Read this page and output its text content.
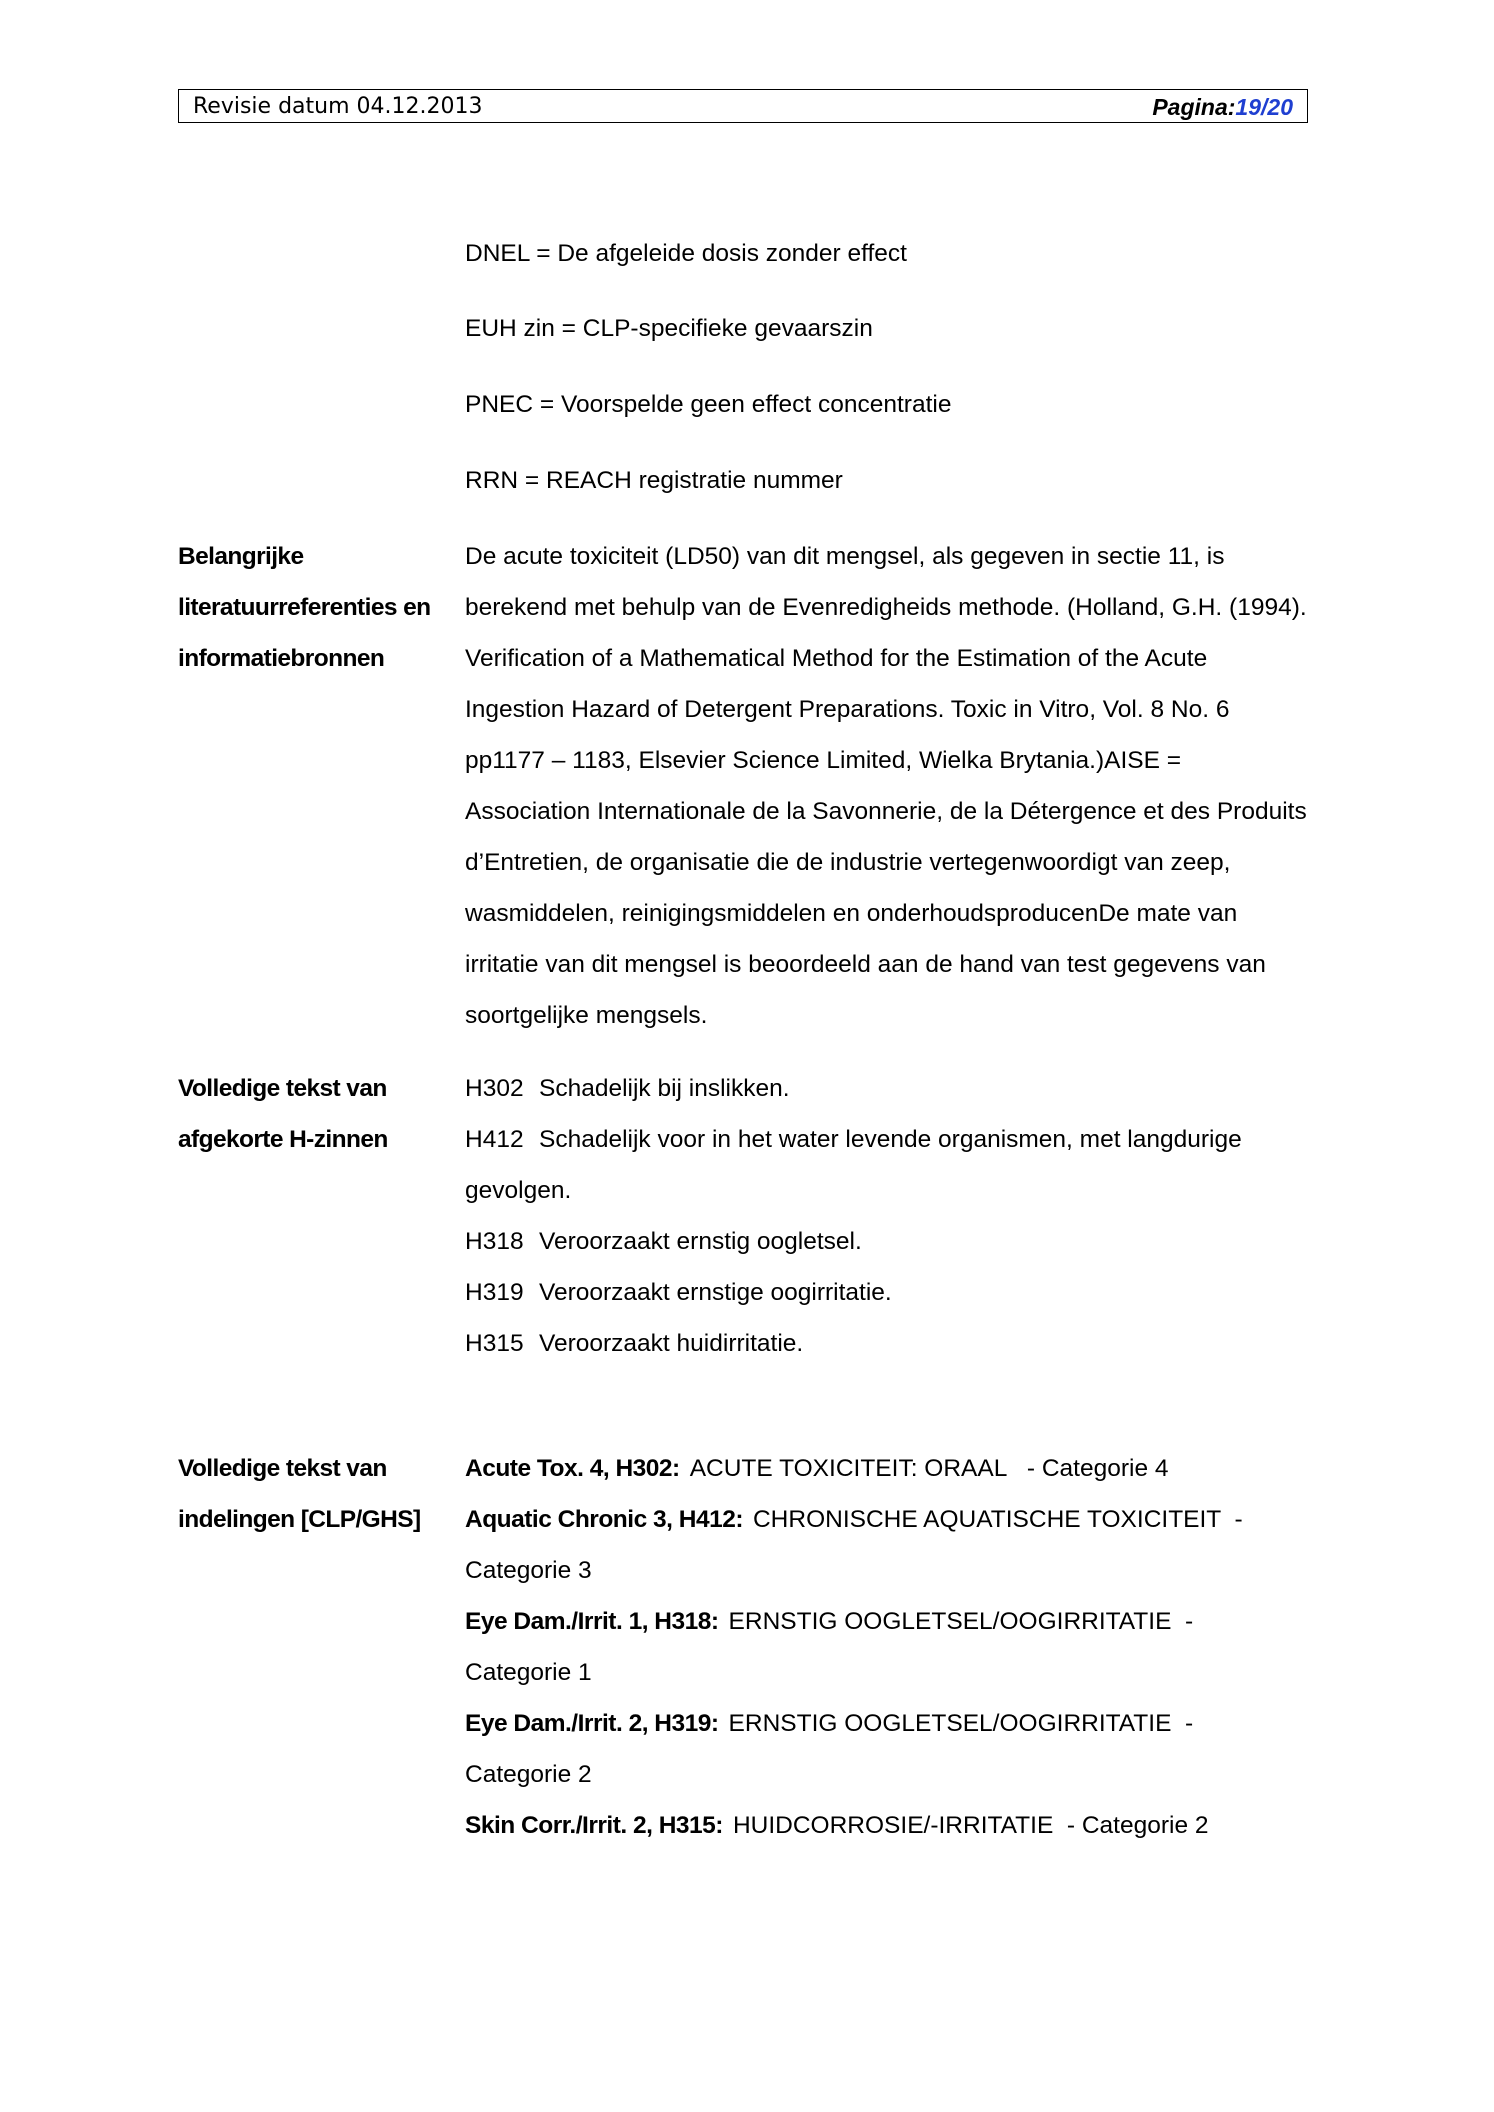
Revisie datum 04.12.2013	Pagina:19/20
DNEL = De afgeleide dosis zonder effect
EUH zin = CLP-specifieke gevaarszin
PNEC = Voorspelde geen effect concentratie
RRN = REACH registratie nummer
Belangrijke
literatuurreferenties en
informatiebronnen
De acute toxiciteit (LD50) van dit mengsel, als gegeven in sectie 11, is
berekend met behulp van de Evenredigheids methode. (Holland, G.H. (1994).
Verification of a Mathematical Method for the Estimation of the Acute
Ingestion Hazard of Detergent Preparations. Toxic in Vitro, Vol. 8 No. 6
pp1177 – 1183, Elsevier Science Limited, Wielka Brytania.)AISE =
Association Internationale de la Savonnerie, de la Détergence et des Produits
d’Entretien, de organisatie die de industrie vertegenwoordigt van zeep,
wasmiddelen, reinigingsmiddelen en onderhoudsproducenDe mate van
irritatie van dit mengsel is beoordeeld aan de hand van test gegevens van
soortgelijke mengsels.
Volledige tekst van
afgekorte H-zinnen
H302 Schadelijk bij inslikken.
H412 Schadelijk voor in het water levende organismen, met langdurige
gevolgen.
H318 Veroorzaakt ernstig oogletsel.
H319 Veroorzaakt ernstige oogirritatie.
H315 Veroorzaakt huidirritatie.
Volledige tekst van
indelingen [CLP/GHS]
Acute Tox. 4, H302: ACUTE TOXICITEIT: ORAAL   - Categorie 4
Aquatic Chronic 3, H412: CHRONISCHE AQUATISCHE TOXICITEIT  -
Categorie 3
Eye Dam./Irrit. 1, H318: ERNSTIG OOGLETSEL/OOGIRRITATIE  -
Categorie 1
Eye Dam./Irrit. 2, H319: ERNSTIG OOGLETSEL/OOGIRRITATIE  -
Categorie 2
Skin Corr./Irrit. 2, H315: HUIDCORROSIE/-IRRITATIE  - Categorie 2
